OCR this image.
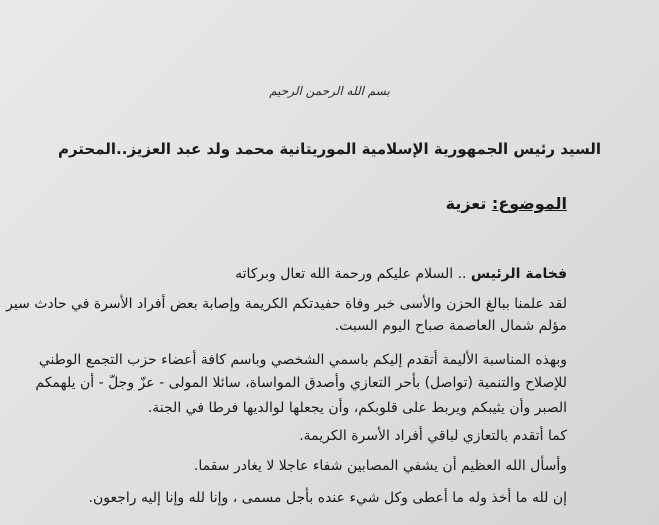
بسم الله الرحمن الرحيم
السيد رئيس الجمهورية الإسلامية الموريتانية محمد ولد عبد العزيز..المحترم
الموضوع: تعزية
فخامة الرئيس .. السلام عليكم ورحمة الله تعال وبركاته
لقد علمنا ببالغ الحزن والأسى خبر وفاة حفيدتكم الكريمة وإصابة بعض أفراد الأسرة في حادث سير
مؤلم شمال العاصمة صباح اليوم السبت.
وبهذه المناسبة الأليمة أتقدم إليكم باسمي الشخصي وباسم كافة أعضاء حزب التجمع الوطني
للإصلاح والتنمية (تواصل) بأحر التعازي وأصدق المواساة، سائلا المولى - عزّ وجلّ - أن يلهمكم
الصبر وأن يثيبكم ويربط على قلوبكم، وأن يجعلها لوالديها فرطا في الجنة.
كما أتقدم بالتعازي لباقي أفراد الأسرة الكريمة.
وأسأل الله العظيم أن يشفي المصابين شفاء عاجلا لا يغادر سقما.
إن لله ما أخذ وله ما أعطى وكل شيء عنده بأجل مسمى ، وإنا لله وإنا إليه راجعون.
